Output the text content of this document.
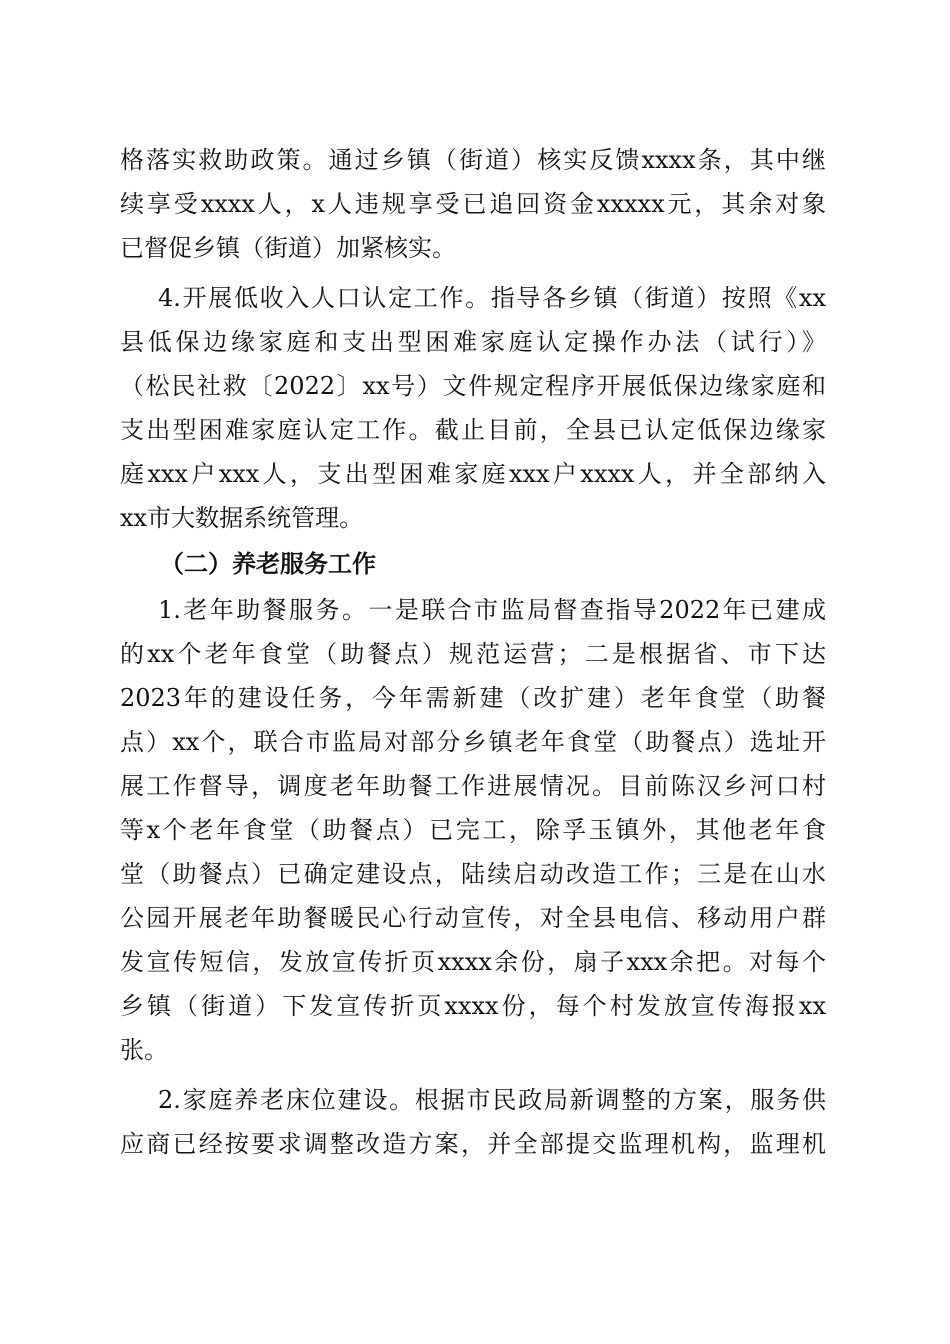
格落实救助政策。通过乡镇（街道）核实反馈xxxx条，其中继
续享受xxxx人，x人违规享受已追回资金xxxxx元，其余对象
已督促乡镇（街道）加紧核实。
4.开展低收入人口认定工作。指导各乡镇（街道）按照《xx
县低保边缘家庭和支出型困难家庭认定操作办法（试行）》
（松民社救〔2022〕xx号）文件规定程序开展低保边缘家庭和
支出型困难家庭认定工作。截止目前，全县已认定低保边缘家
庭xxx户xxx人，支出型困难家庭xxx户xxxx人，并全部纳入
xx市大数据系统管理。
（二）养老服务工作
1.老年助餐服务。一是联合市监局督查指导2022年已建成
的xx个老年食堂（助餐点）规范运营；二是根据省、市下达
2023年的建设任务，今年需新建（改扩建）老年食堂（助餐
点）xx个，联合市监局对部分乡镇老年食堂（助餐点）选址开
展工作督导，调度老年助餐工作进展情况。目前陈汉乡河口村
等x个老年食堂（助餐点）已完工，除孚玉镇外，其他老年食
堂（助餐点）已确定建设点，陆续启动改造工作；三是在山水
公园开展老年助餐暖民心行动宣传，对全县电信、移动用户群
发宣传短信，发放宣传折页xxxx余份，扇子xxx余把。对每个
乡镇（街道）下发宣传折页xxxx份，每个村发放宣传海报xx
张。
2.家庭养老床位建设。根据市民政局新调整的方案，服务供
应商已经按要求调整改造方案，并全部提交监理机构，监理机
